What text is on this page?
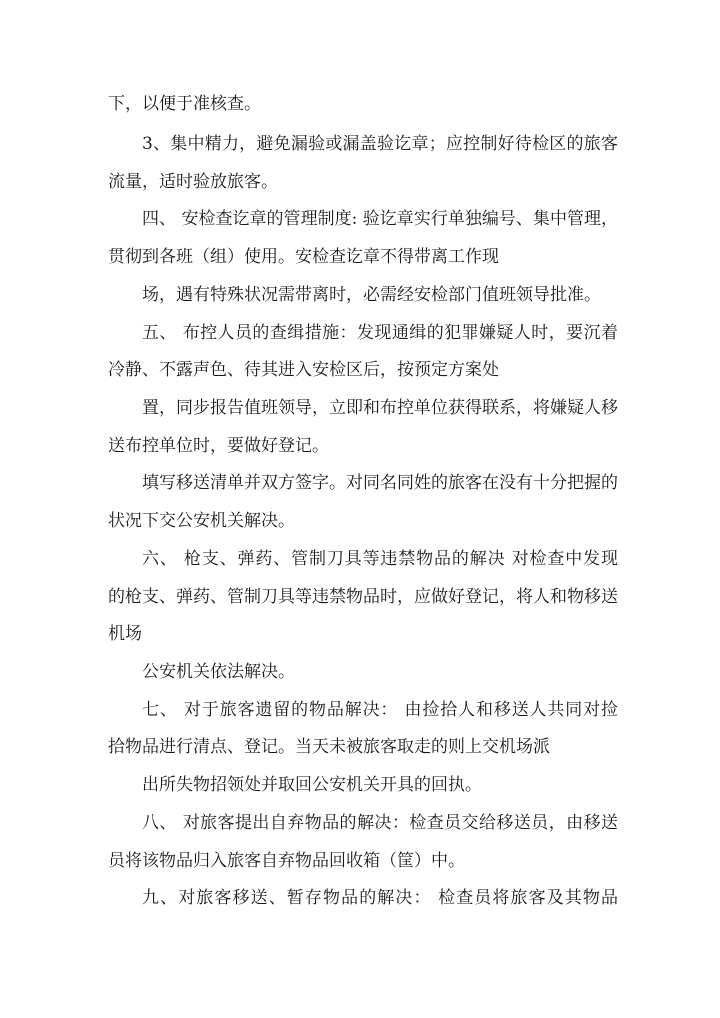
下，以便于准核查。
3、集中精力，避免漏验或漏盖验讫章；应控制好待检区的旅客
流量，适时验放旅客。
四、 安检查讫章的管理制度: 验讫章实行单独编号、集中管理，
贯彻到各班（组）使用。安检查讫章不得带离工作现
场，遇有特殊状况需带离时，必需经安检部门值班领导批准。
五、 布控人员的查缉措施：发现通缉的犯罪嫌疑人时，要沉着
冷静、不露声色、待其进入安检区后，按预定方案处
置，同步报告值班领导，立即和布控单位获得联系，将嫌疑人移
送布控单位时，要做好登记。
填写移送清单并双方签字。对同名同姓的旅客在没有十分把握的
状况下交公安机关解决。
六、 枪支、弹药、管制刀具等违禁物品的解决 对检查中发现
的枪支、弹药、管制刀具等违禁物品时，应做好登记，将人和物移送
机场
公安机关依法解决。
七、 对于旅客遗留的物品解决： 由捡拾人和移送人共同对捡
拾物品进行清点、登记。当天未被旅客取走的则上交机场派
出所失物招领处并取回公安机关开具的回执。
八、 对旅客提出自弃物品的解决：检查员交给移送员，由移送
员将该物品归入旅客自弃物品回收箱（筐）中。
九、对旅客移送、暂存物品的解决： 检查员将旅客及其物品
